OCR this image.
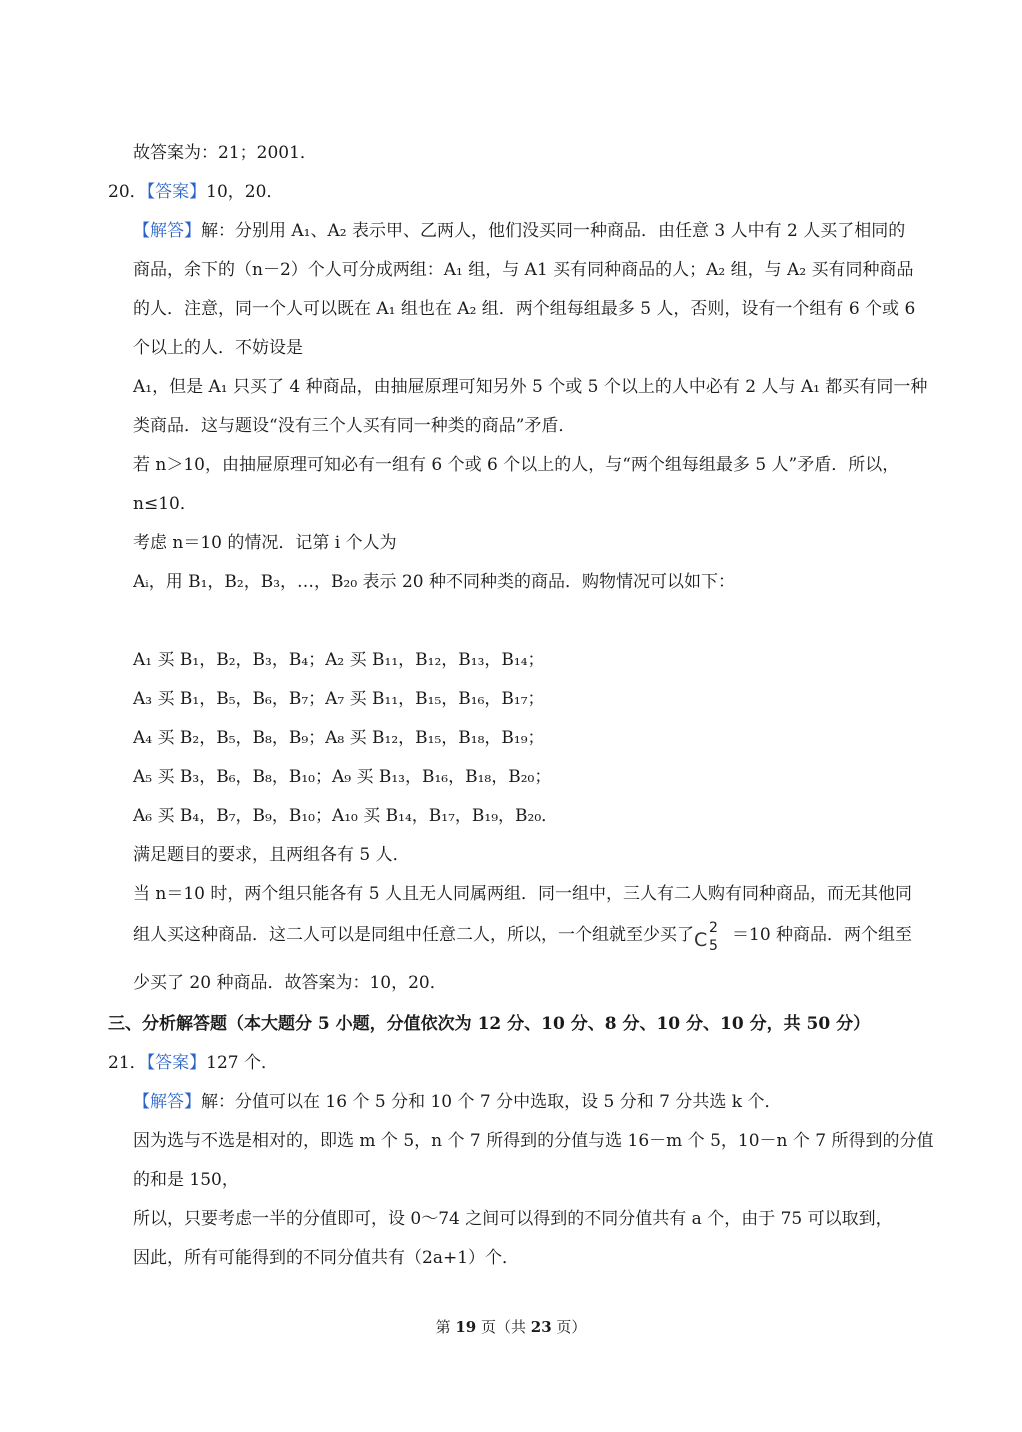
故答案为：21；2001．
20．【答案】10，20．
【解答】解：分别用 A₁、A₂ 表示甲、乙两人，他们没买同一种商品．由任意 3 人中有 2 人买了相同的
商品，余下的（n－2）个人可分成两组：A₁ 组，与 A1 买有同种商品的人；A₂ 组，与 A₂ 买有同种商品
的人．注意，同一个人可以既在 A₁ 组也在 A₂ 组．两个组每组最多 5 人，否则，设有一个组有 6 个或 6
个以上的人．不妨设是
A₁，但是 A₁ 只买了 4 种商品，由抽屉原理可知另外 5 个或 5 个以上的人中必有 2 人与 A₁ 都买有同一种
类商品．这与题设“没有三个人买有同一种类的商品”矛盾．
若 n＞10，由抽屉原理可知必有一组有 6 个或 6 个以上的人，与“两个组每组最多 5 人”矛盾．所以，
n≤10．
考虑 n＝10 的情况．记第 i 个人为
Aᵢ，用 B₁，B₂，B₃，…，B₂₀ 表示 20 种不同种类的商品．购物情况可以如下：
A₁ 买 B₁，B₂，B₃，B₄；A₂ 买 B₁₁，B₁₂，B₁₃，B₁₄；
A₃ 买 B₁，B₅，B₆，B₇；A₇ 买 B₁₁，B₁₅，B₁₆，B₁₇；
A₄ 买 B₂，B₅，B₈，B₉；A₈ 买 B₁₂，B₁₅，B₁₈，B₁₉；
A₅ 买 B₃，B₆，B₈，B₁₀；A₉ 买 B₁₃，B₁₆，B₁₈，B₂₀；
A₆ 买 B₄，B₇，B₉，B₁₀；A₁₀ 买 B₁₄，B₁₇，B₁₉，B₂₀．
满足题目的要求，且两组各有 5 人．
当 n＝10 时，两个组只能各有 5 人且无人同属两组．同一组中，三人有二人购有同种商品，而无其他同
组人买这种商品．这二人可以是同组中任意二人，所以，一个组就至少买了 C
2
5
＝10 种商品．两个组至
少买了 20 种商品．故答案为：10，20．
三、分析解答题（本大题分 5 小题，分值依次为 12 分、10 分、8 分、10 分、10 分，共 50 分）
21．【答案】127 个．
【解答】解：分值可以在 16 个 5 分和 10 个 7 分中选取，设 5 分和 7 分共选 k 个．
因为选与不选是相对的，即选 m 个 5，n 个 7 所得到的分值与选 16－m 个 5，10－n 个 7 所得到的分值
的和是 150，
所以，只要考虑一半的分值即可，设 0～74 之间可以得到的不同分值共有 a 个，由于 75 可以取到，
因此，所有可能得到的不同分值共有（2a+1）个．
第 19 页（共 23 页）
